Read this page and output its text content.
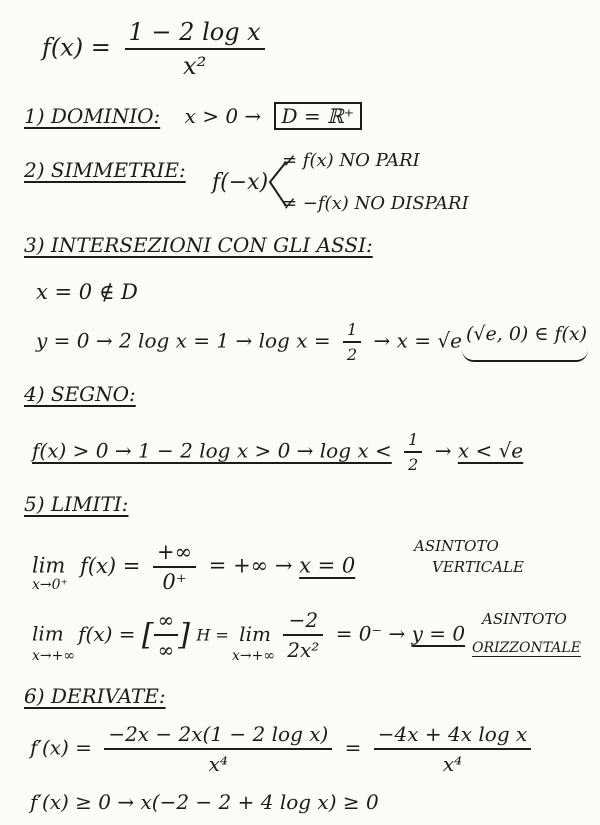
$f(x) = \frac{\text{1 − 2 log x}}{\text{x²}}$
1) DOMINIO: x > 0 → D = ℝ⁺
2) SIMMETRIE: f(−x)
≠ f(x) NO PARI
≠ −f(x) NO DISPARI
3) INTERSEZIONI CON GLI ASSI:
x = 0 ∉ D
y = 0 → 2 $\log x = 1 \to \log x = \frac{1}{2} \to x = √e$ (√e, 0) ∈ f(x)
4) SEGNO:
f(x) > 0 → 1 − 2 $\log x > 0 \to \log x < \frac{1}{2} \to x < √e$
5) LIMITI:
$\lim f(x) = \frac{+\infty}{0^+}$ = +∞ → x = 0
x→0⁺
ASINTOTO
VERTICALE
lim f(x) = [ $\frac{\infty}{\infty}$ ] $H = \lim \frac{-2}{\text{2x²}} = 0^- \to y = 0$
x→+∞	x→+∞
ASINTOTO
ORIZZONTALE
6) DERIVATE:
$f'(x) = \frac{\text{−2x − 2x(1 − 2 log x)}}{\text{x⁴}} = \frac{\text{−4x + 4x log x}}{\text{x⁴}}$
f′(x) ≥ 0 → x(−2 − 2 + 4 log x) ≥ 0
